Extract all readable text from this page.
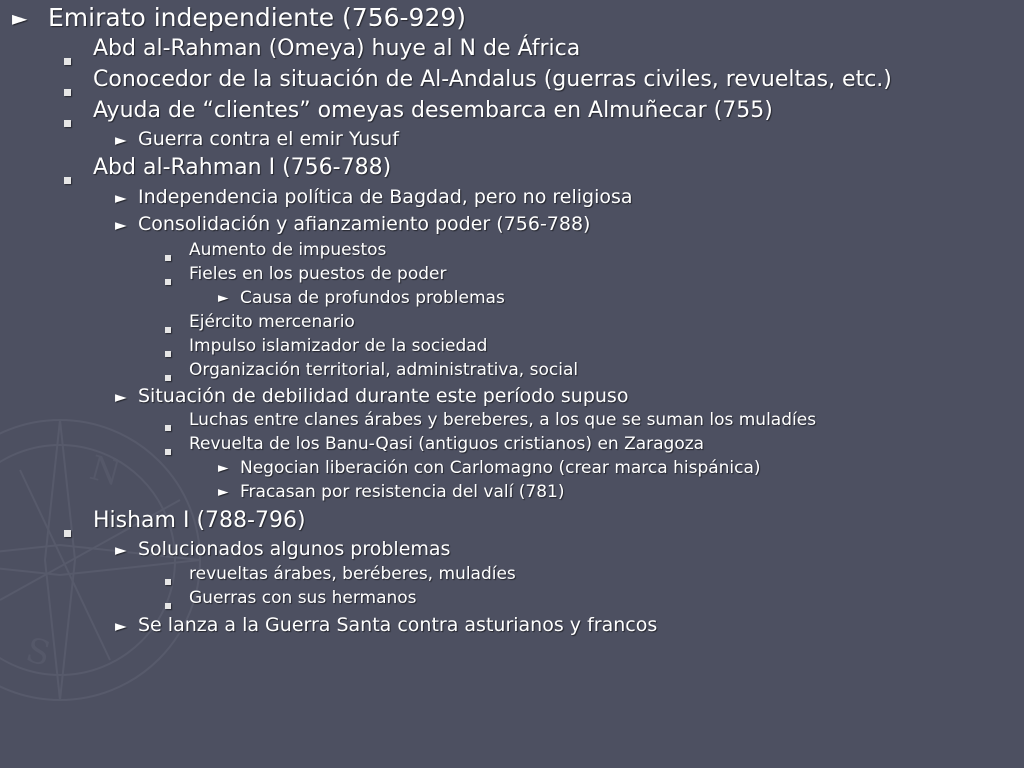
N
S
► Emirato independiente (756-929)
Abd al-Rahman (Omeya) huye al N de África
Conocedor de la situación de Al-Andalus (guerras civiles, revueltas, etc.)
Ayuda de “clientes” omeyas desembarca en Almuñecar (755)
► Guerra contra el emir Yusuf
Abd al-Rahman I (756-788)
► Independencia política de Bagdad, pero no religiosa
► Consolidación y afianzamiento poder (756-788)
Aumento de impuestos
Fieles en los puestos de poder
► Causa de profundos problemas
Ejército mercenario
Impulso islamizador de la sociedad
Organización territorial, administrativa, social
► Situación de debilidad durante este período supuso
Luchas entre clanes árabes y bereberes, a los que se suman los muladíes
Revuelta de los Banu-Qasi (antiguos cristianos) en Zaragoza
► Negocian liberación con Carlomagno (crear marca hispánica)
► Fracasan por resistencia del valí (781)
Hisham I (788-796)
► Solucionados algunos problemas
revueltas árabes, beréberes, muladíes
Guerras con sus hermanos
► Se lanza a la Guerra Santa contra asturianos y francos
